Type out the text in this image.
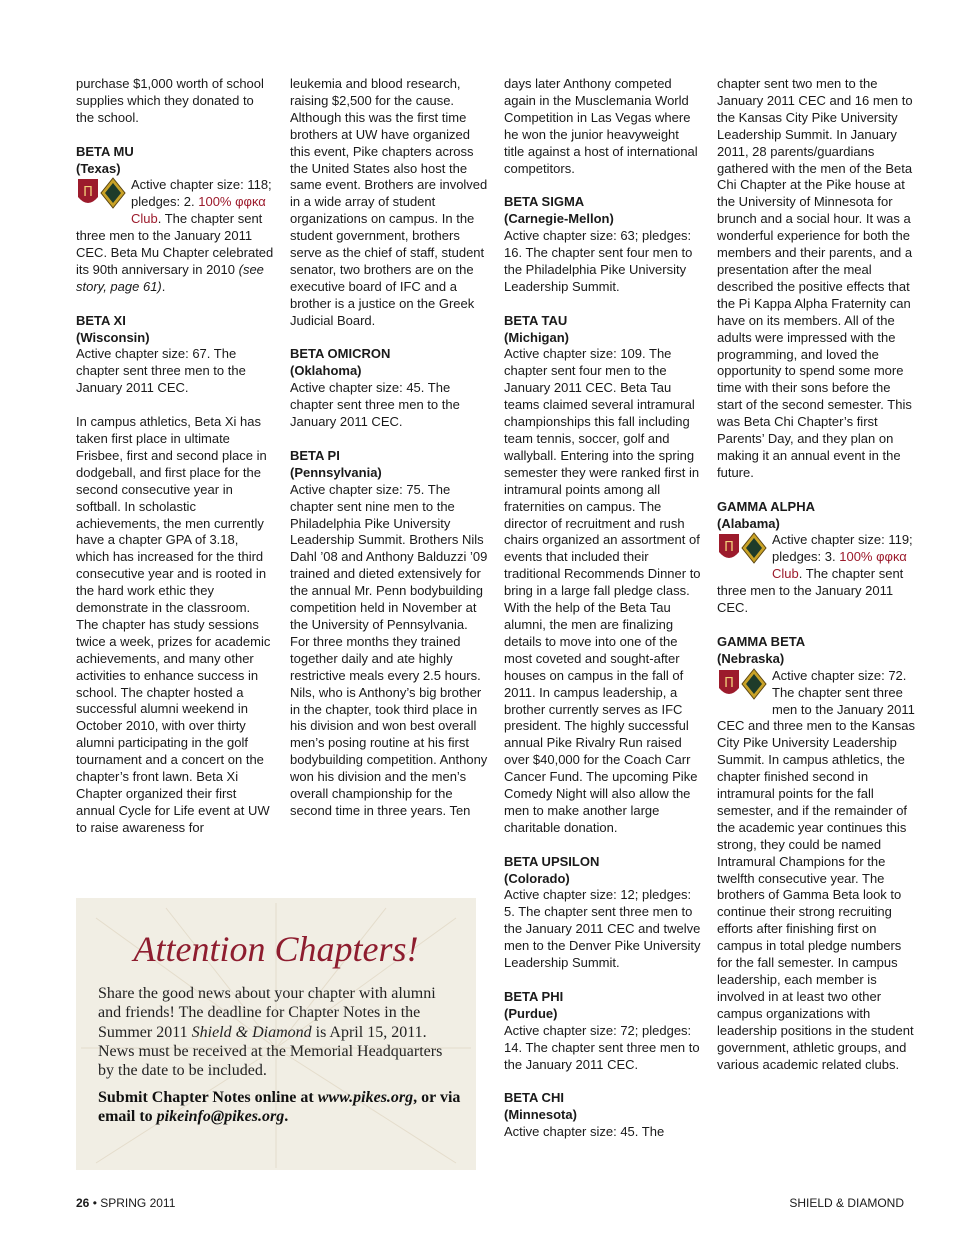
purchase $1,000 worth of school supplies which they donated to the school.

BETA MU

(Texas)

Π
Active chapter size: 118; pledges: 2. 100% φφκα Club. The chapter sent three men to the January 2011 CEC. Beta Mu Chapter celebrated its 90th anniversary in 2010 (see story, page 61).

BETA XI

(Wisconsin)

Active chapter size: 67. The chapter sent three men to the January 2011 CEC.

In campus athletics, Beta Xi has taken first place in ultimate Frisbee, first and second place in dodgeball, and first place for the second consecutive year in softball. In scholastic achievements, the men currently have a chapter GPA of 3.18, which has increased for the third consecutive year and is rooted in the hard work ethic they demonstrate in the classroom. The chapter has study sessions twice a week, prizes for academic achievements, and many other activities to enhance success in school. The chapter hosted a successful alumni weekend in October 2010, with over thirty alumni participating in the golf tournament and a concert on the chapter’s front lawn. Beta Xi Chapter organized their first annual Cycle for Life event at UW to raise awareness for

leukemia and blood research, raising $2,500 for the cause. Although this was the first time brothers at UW have organized this event, Pike chapters across the United States also host the same event. Brothers are involved in a wide array of student organizations on campus. In the student government, brothers serve as the chief of staff, student senator, two brothers are on the executive board of IFC and a brother is a justice on the Greek Judicial Board.

BETA OMICRON

(Oklahoma)

Active chapter size: 45. The chapter sent three men to the January 2011 CEC.

BETA PI

(Pennsylvania)

Active chapter size: 75. The chapter sent nine men to the Philadelphia Pike University Leadership Summit. Brothers Nils Dahl ’08 and Anthony Balduzzi ’09 trained and dieted extensively for the annual Mr. Penn bodybuilding competition held in November at the University of Pennsylvania. For three months they trained together daily and ate highly restrictive meals every 2.5 hours. Nils, who is Anthony’s big brother in the chapter, took third place in his division and won best overall men’s posing routine at his first bodybuilding competition. Anthony won his division and the men’s overall championship for the second time in three years. Ten

days later Anthony competed again in the Musclemania World Competition in Las Vegas where he won the junior heavyweight title against a host of international competitors.

BETA SIGMA

(Carnegie-Mellon)

Active chapter size: 63; pledges: 16. The chapter sent four men to the Philadelphia Pike University Leadership Summit.

BETA TAU

(Michigan)

Active chapter size: 109. The chapter sent four men to the January 2011 CEC. Beta Tau teams claimed several intramural championships this fall including team tennis, soccer, golf and wallyball. Entering into the spring semester they were ranked first in intramural points among all fraternities on campus. The director of recruitment and rush chairs organized an assortment of events that included their traditional Recommends Dinner to bring in a large fall pledge class. With the help of the Beta Tau alumni, the men are finalizing details to move into one of the most coveted and sought-after houses on campus in the fall of 2011. In campus leadership, a brother currently serves as IFC president. The highly successful annual Pike Rivalry Run raised over $40,000 for the Coach Carr Cancer Fund. The upcoming Pike Comedy Night will also allow the men to make another large charitable donation.

BETA UPSILON

(Colorado)

Active chapter size: 12; pledges: 5. The chapter sent three men to the January 2011 CEC and twelve men to the Denver Pike University Leadership Summit.

BETA PHI

(Purdue)

Active chapter size: 72; pledges: 14. The chapter sent three men to the January 2011 CEC.

BETA CHI

(Minnesota)

Active chapter size: 45. The

chapter sent two men to the January 2011 CEC and 16 men to the Kansas City Pike University Leadership Summit. In January 2011, 28 parents/guardians gathered with the men of the Beta Chi Chapter at the Pike house at the University of Minnesota for brunch and a social hour. It was a wonderful experience for both the members and their parents, and a presentation after the meal described the positive effects that the Pi Kappa Alpha Fraternity can have on its members. All of the adults were impressed with the programming, and loved the opportunity to spend some more time with their sons before the start of the second semester. This was Beta Chi Chapter’s first Parents’ Day, and they plan on making it an annual event in the future.

GAMMA ALPHA

(Alabama)

Π
Active chapter size: 119; pledges: 3. 100% φφκα Club. The chapter sent three men to the January 2011 CEC.

GAMMA BETA

(Nebraska)

Π
Active chapter size: 72. The chapter sent three men to the January 2011 CEC and three men to the Kansas City Pike University Leadership Summit. In campus athletics, the chapter finished second in intramural points for the fall semester, and if the remainder of the academic year continues this strong, they could be named Intramural Champions for the twelfth consecutive year. The brothers of Gamma Beta look to continue their strong recruiting efforts after finishing first on campus in total pledge numbers for the fall semester. In campus leadership, each member is involved in at least two other campus organizations with leadership positions in the student government, athletic groups, and various academic related clubs.

Attention Chapters!
Share the good news about your chapter with alumni and friends! The deadline for Chapter Notes in the Summer 2011 Shield & Diamond is April 15, 2011. News must be received at the Memorial Headquarters by the date to be included.
Submit Chapter Notes online at www.pikes.org, or via email to pikeinfo@pikes.org.
26 • SPRING 2011	SHIELD & DIAMOND
